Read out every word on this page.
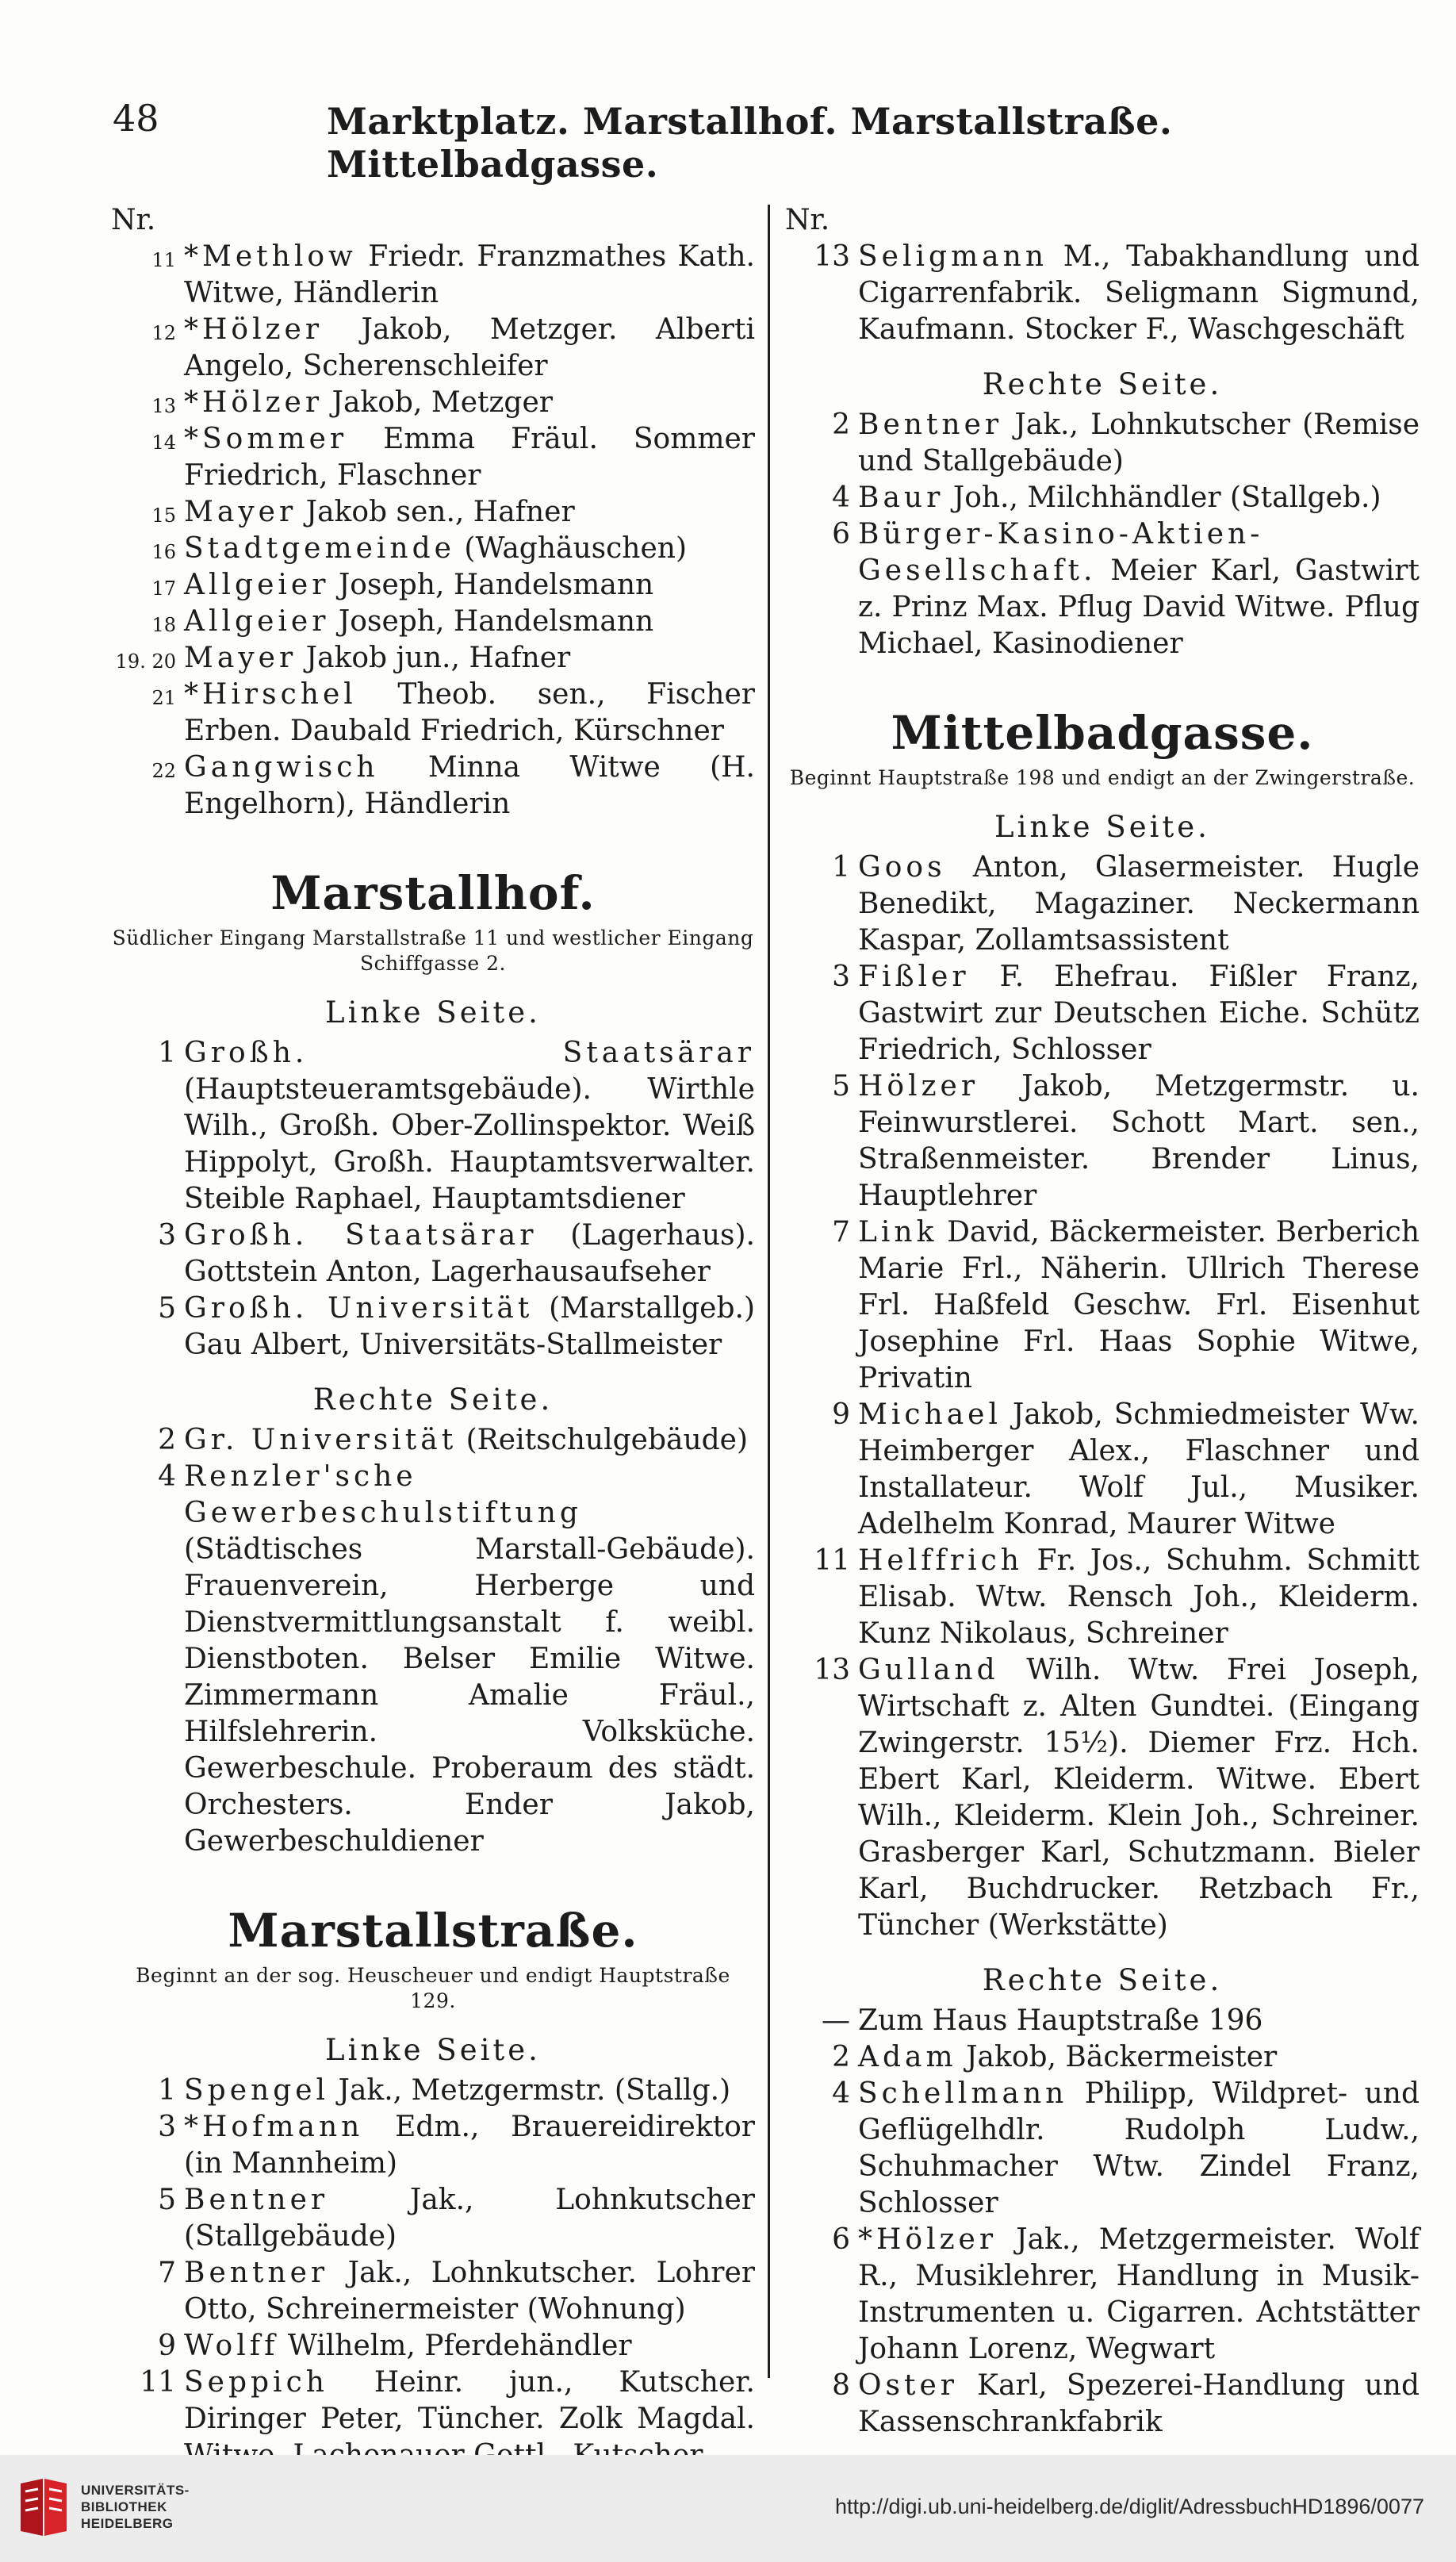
48	Marktplatz. Marstallhof. Marstallstraße. Mittelbadgasse.
Nr.
11 *Methlow Friedr. Franzmathes Kath. Witwe, Händlerin
12 *Hölzer Jakob, Metzger. Alberti Angelo, Scherenschleifer
13 *Hölzer Jakob, Metzger
14 *Sommer Emma Fräul. Sommer Friedrich, Flaschner
15 Mayer Jakob sen., Hafner
16 Stadtgemeinde (Waghäuschen)
17 Allgeier Joseph, Handelsmann
18 Allgeier Joseph, Handelsmann
19. 20 Mayer Jakob jun., Hafner
21 *Hirschel Theob. sen., Fischer Erben. Daubald Friedrich, Kürschner
22 Gangwisch Minna Witwe (H. Engelhorn), Händlerin
Marstallhof.
Südlicher Eingang Marstallstraße 11 und westlicher Eingang Schiffgasse 2.
Linke Seite.
1 Großh. Staatsärar (Hauptsteueramtsgebäude). Wirthle Wilh., Großh. Ober-Zollinspektor. Weiß Hippolyt, Großh. Hauptamtsverwalter. Steible Raphael, Hauptamtsdiener
3 Großh. Staatsärar (Lagerhaus). Gottstein Anton, Lagerhausaufseher
5 Großh. Universität (Marstallgeb.) Gau Albert, Universitäts-Stallmeister
Rechte Seite.
2 Gr. Universität (Reitschulgebäude)
4 Renzler'sche Gewerbeschulstiftung (Städtisches Marstall-Gebäude). Frauenverein, Herberge und Dienstvermittlungsanstalt f. weibl. Dienstboten. Belser Emilie Witwe. Zimmermann Amalie Fräul., Hilfslehrerin. Volksküche. Gewerbeschule. Proberaum des städt. Orchesters. Ender Jakob, Gewerbeschuldiener
Marstallstraße.
Beginnt an der sog. Heuscheuer und endigt Hauptstraße 129.
Linke Seite.
1 Spengel Jak., Metzgermstr. (Stallg.)
3 *Hofmann Edm., Brauereidirektor (in Mannheim)
5 Bentner	Jak., Lohnkutscher (Stallgebäude)
7 Bentner Jak., Lohnkutscher. Lohrer Otto, Schreinermeister (Wohnung)
9 Wolff Wilhelm, Pferdehändler
11 Seppich Heinr. jun., Kutscher. Diringer Peter, Tüncher. Zolk Magdal.
Nr.
13 Seligmann M., Tabakhandlung und Cigarrenfabrik. Seligmann Sigmund, Kaufmann. Stocker F., Waschgeschäft
Rechte Seite.
2 Bentner Jak., Lohnkutscher (Remise und Stallgebäude)
4 Baur Joh., Milchhändler (Stallgeb.)
6 Bürger-Kasino-Aktien-Gesellschaft. Meier Karl, Gastwirt z. Prinz Max. Pflug David Witwe. Pflug Michael, Kasinodiener
Mittelbadgasse.
Beginnt Hauptstraße 198 und endigt an der Zwingerstraße.
Linke Seite.
1 Goos Anton, Glasermeister. Hugle Benedikt, Magaziner. Neckermann Kaspar, Zollamtsassistent
3 Fißler F. Ehefrau. Fißler Franz, Gastwirt zur Deutschen Eiche. Schütz Friedrich, Schlosser
5 Hölzer Jakob, Metzgermstr. u. Feinwurstlerei. Schott Mart. sen., Straßenmeister. Brender Linus, Hauptlehrer
7 Link David, Bäckermeister. Berberich Marie Frl., Näherin. Ullrich Therese Frl. Haßfeld Geschw. Frl. Eisenhut Josephine Frl. Haas Sophie Witwe, Privatin
9 Michael Jakob, Schmiedmeister Ww. Heimberger Alex., Flaschner und Installateur. Wolf Jul., Musiker. Adelhelm Konrad, Maurer Witwe
11 Helffrich Fr. Jos., Schuhm. Schmitt Elisab. Wtw. Rensch Joh., Kleiderm. Kunz Nikolaus, Schreiner
13 Gulland Wilh. Wtw. Frei Joseph, Wirtschaft z. Alten Gundtei. (Eingang Zwingerstr. 15½). Diemer Frz. Hch. Ebert Karl, Kleiderm. Witwe. Ebert Wilh., Kleiderm. Klein Joh., Schreiner. Grasberger Karl, Schutzmann. Bieler Karl, Buchdrucker. Retzbach Fr., Tüncher (Werkstätte)
Rechte Seite.
— Zum Haus Hauptstraße 196
2 Adam Jakob, Bäckermeister
4 Schellmann Philipp, Wildpret- und Geflügelhdlr. Rudolph Ludw., Schuhmacher Wtw. Zindel Franz, Schlosser
6 *Hölzer Jak., Metzgermeister. Wolf R., Musiklehrer, Handlung in Musik-Instrumenten u. Cigarren. Achtstätter Johann Lorenz, Wegwart
8 Oster Karl, Spezerei-Handlung und Kassenschrankfabrik
UNIVERSITÄTS-
BIBLIOTHEK
HEIDELBERG
http://digi.ub.uni-heidelberg.de/diglit/AdressbuchHD1896/0077
